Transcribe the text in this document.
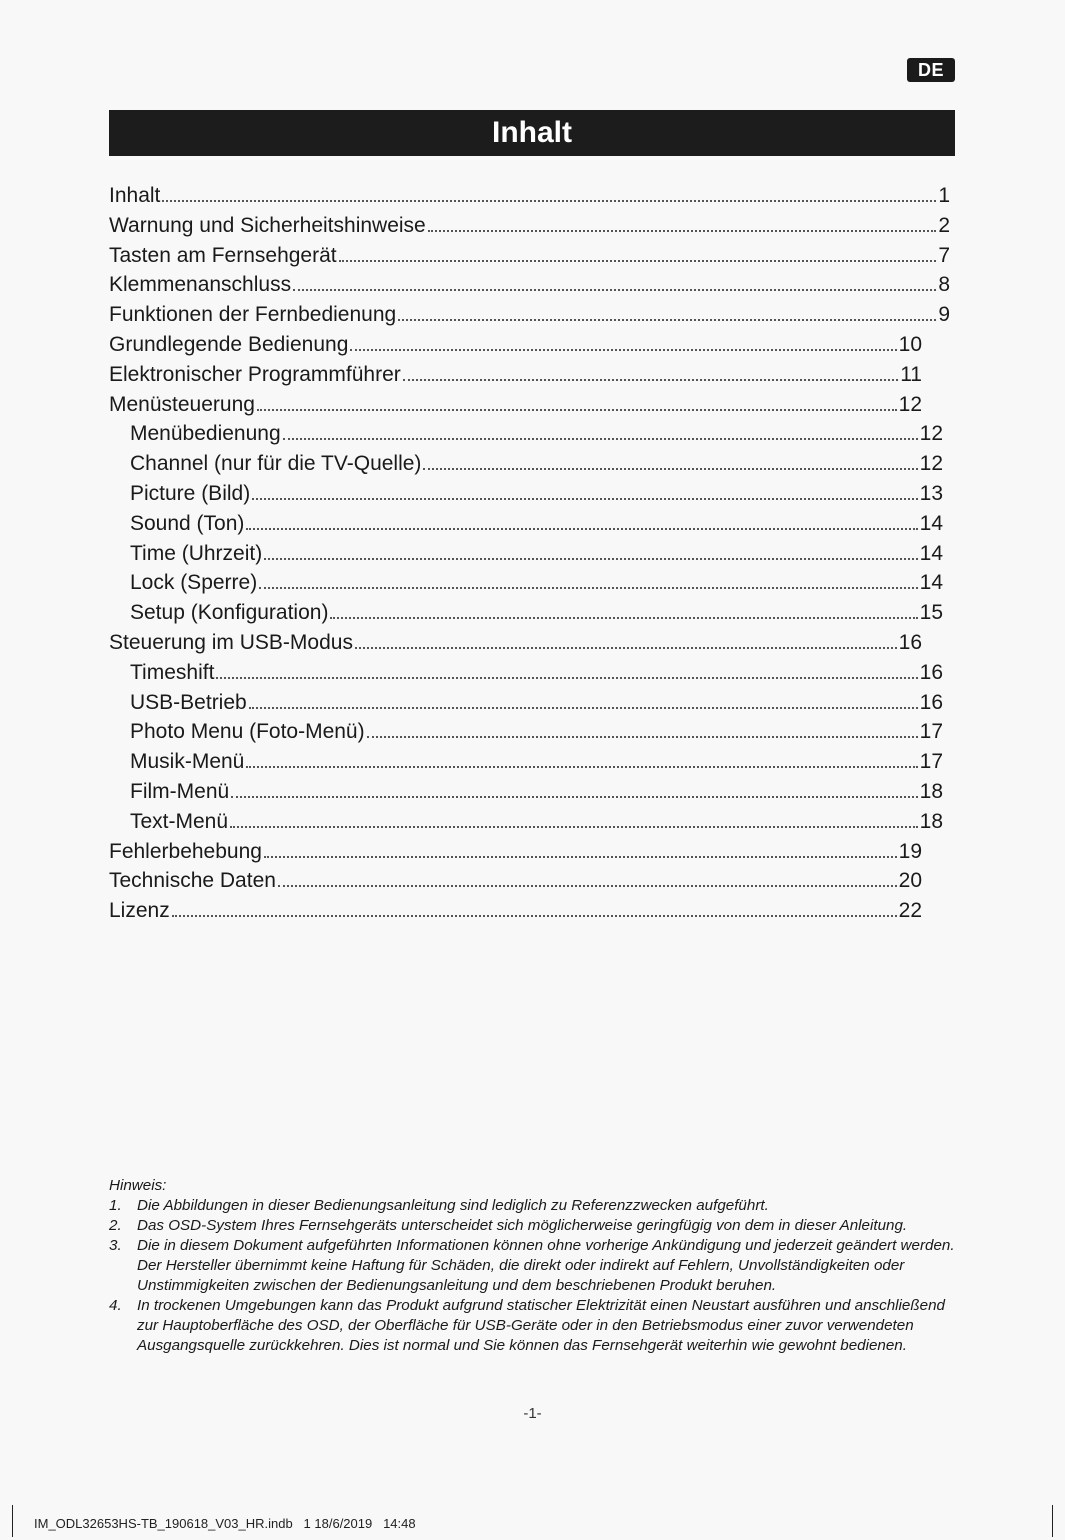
DE
Inhalt
Inhalt	1
Warnung und Sicherheitshinweise	2
Tasten am Fernsehgerät	7
Klemmenanschluss	8
Funktionen der Fernbedienung	9
Grundlegende Bedienung	10
Elektronischer Programmführer	11
Menüsteuerung	12
Menübedienung	12
Channel (nur für die TV-Quelle)	12
Picture (Bild)	13
Sound (Ton)	14
Time (Uhrzeit)	14
Lock (Sperre)	14
Setup (Konfiguration)	15
Steuerung im USB-Modus	16
Timeshift	16
USB-Betrieb	16
Photo Menu (Foto-Menü)	17
Musik-Menü	17
Film-Menü	18
Text-Menü	18
Fehlerbehebung	19
Technische Daten	20
Lizenz	22
Hinweis:
1.	Die Abbildungen in dieser Bedienungsanleitung sind lediglich zu Referenzzwecken aufgeführt.
2.	Das OSD-System Ihres Fernsehgeräts unterscheidet sich möglicherweise geringfügig von dem in dieser Anleitung.
3.	Die in diesem Dokument aufgeführten Informationen können ohne vorherige Ankündigung und jederzeit geändert werden. Der Hersteller übernimmt keine Haftung für Schäden, die direkt oder indirekt auf Fehlern, Unvollständigkeiten oder Unstimmigkeiten zwischen der Bedienungsanleitung und dem beschriebenen Produkt beruhen.
4.	In trockenen Umgebungen kann das Produkt aufgrund statischer Elektrizität einen Neustart ausführen und anschließend zur Hauptoberfläche des OSD, der Oberfläche für USB-Geräte oder in den Betriebsmodus einer zuvor verwendeten Ausgangsquelle zurückkehren. Dies ist normal und Sie können das Fernsehgerät weiterhin wie gewohnt bedienen.
-1-
IM_ODL32653HS-TB_190618_V03_HR.indb   1 18/6/2019   14:48
